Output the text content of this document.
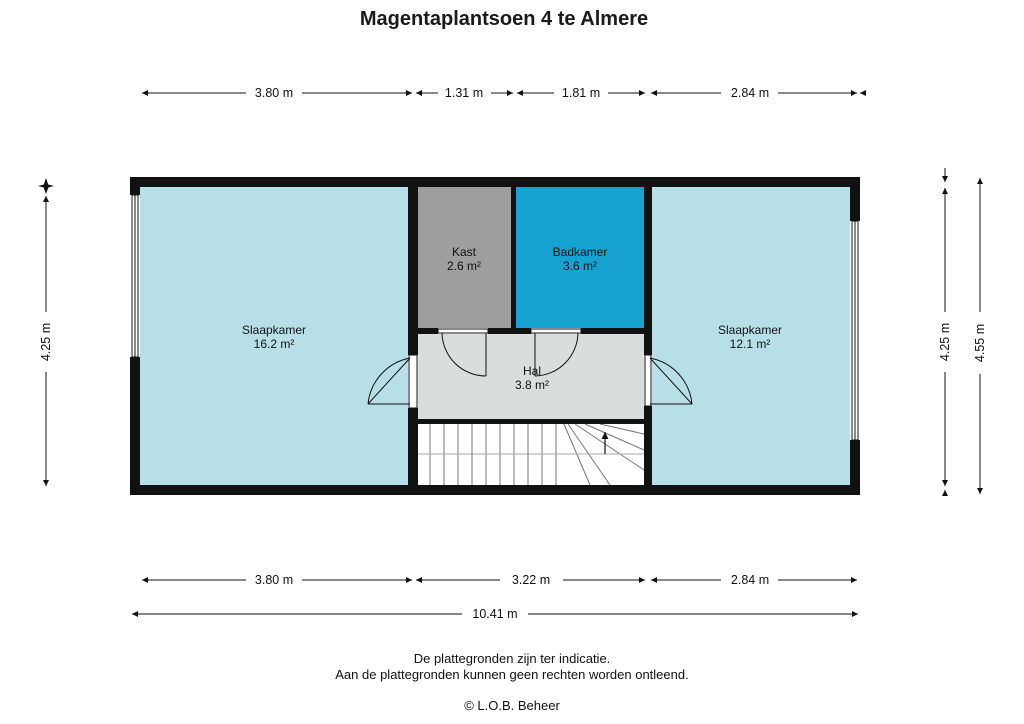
Magentaplantsoen 4 te Almere
Slaapkamer
16.2 m²
Kast
2.6 m²
Badkamer
3.6 m²
Hal
3.8 m²
Slaapkamer
12.1 m²
3.80 m	1.31 m	1.81 m	2.84 m
3.80 m	3.22 m	2.84 m
10.41 m
4.25 m	4.25 m 4.55 m
De plattegronden zijn ter indicatie.
Aan de plattegronden kunnen geen rechten worden ontleend.
© L.O.B. Beheer
